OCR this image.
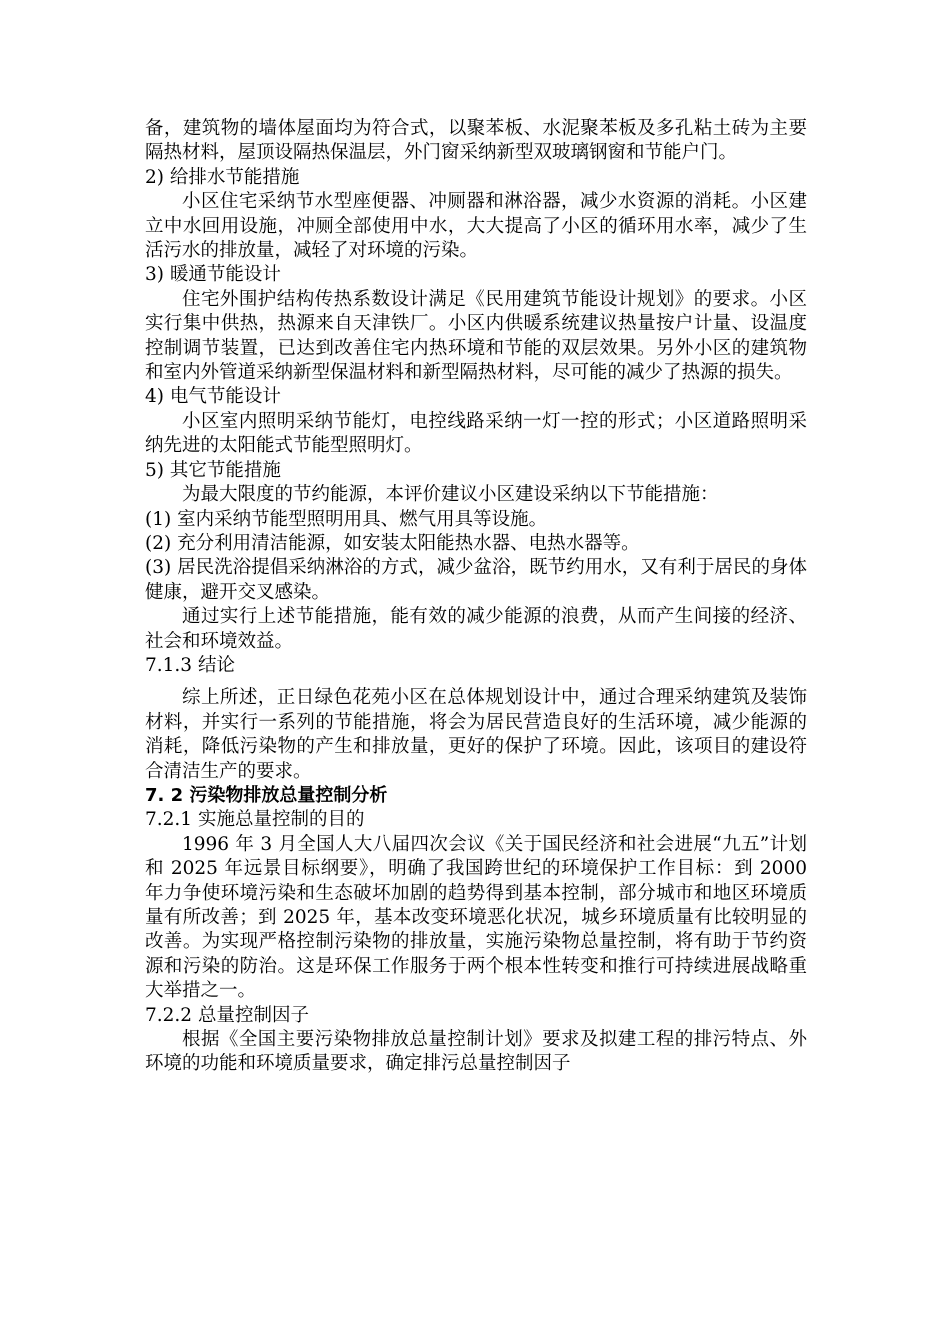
备，建筑物的墙体屋面均为符合式，以聚苯板、水泥聚苯板及多孔粘土砖为主要隔热材料，屋顶设隔热保温层，外门窗采纳新型双玻璃钢窗和节能户门。

2) 给排水节能措施

小区住宅采纳节水型座便器、冲厕器和淋浴器，减少水资源的消耗。小区建立中水回用设施，冲厕全部使用中水，大大提高了小区的循环用水率，减少了生活污水的排放量，减轻了对环境的污染。

3) 暖通节能设计

住宅外围护结构传热系数设计满足《民用建筑节能设计规划》的要求。小区实行集中供热，热源来自天津铁厂。小区内供暖系统建议热量按户计量、设温度控制调节装置，已达到改善住宅内热环境和节能的双层效果。另外小区的建筑物和室内外管道采纳新型保温材料和新型隔热材料，尽可能的减少了热源的损失。

4) 电气节能设计

小区室内照明采纳节能灯，电控线路采纳一灯一控的形式；小区道路照明采纳先进的太阳能式节能型照明灯。

5) 其它节能措施

为最大限度的节约能源，本评价建议小区建设采纳以下节能措施：

(1) 室内采纳节能型照明用具、燃气用具等设施。

(2) 充分利用清洁能源，如安装太阳能热水器、电热水器等。

(3) 居民洗浴提倡采纳淋浴的方式，减少盆浴，既节约用水，又有利于居民的身体健康，避开交叉感染。

通过实行上述节能措施，能有效的减少能源的浪费，从而产生间接的经济、社会和环境效益。

7.1.3 结论

综上所述，正日绿色花苑小区在总体规划设计中，通过合理采纳建筑及装饰材料，并实行一系列的节能措施，将会为居民营造良好的生活环境，减少能源的消耗，降低污染物的产生和排放量，更好的保护了环境。因此，该项目的建设符合清洁生产的要求。

7. 2 污染物排放总量控制分析

7.2.1 实施总量控制的目的

1996 年 3 月全国人大八届四次会议《关于国民经济和社会进展“九五”计划和 2025 年远景目标纲要》，明确了我国跨世纪的环境保护工作目标：到 2000 年力争使环境污染和生态破坏加剧的趋势得到基本控制，部分城市和地区环境质量有所改善；到 2025 年，基本改变环境恶化状况，城乡环境质量有比较明显的改善。为实现严格控制污染物的排放量，实施污染物总量控制，将有助于节约资源和污染的防治。这是环保工作服务于两个根本性转变和推行可持续进展战略重大举措之一。

7.2.2 总量控制因子

根据《全国主要污染物排放总量控制计划》要求及拟建工程的排污特点、外环境的功能和环境质量要求，确定排污总量控制因子
